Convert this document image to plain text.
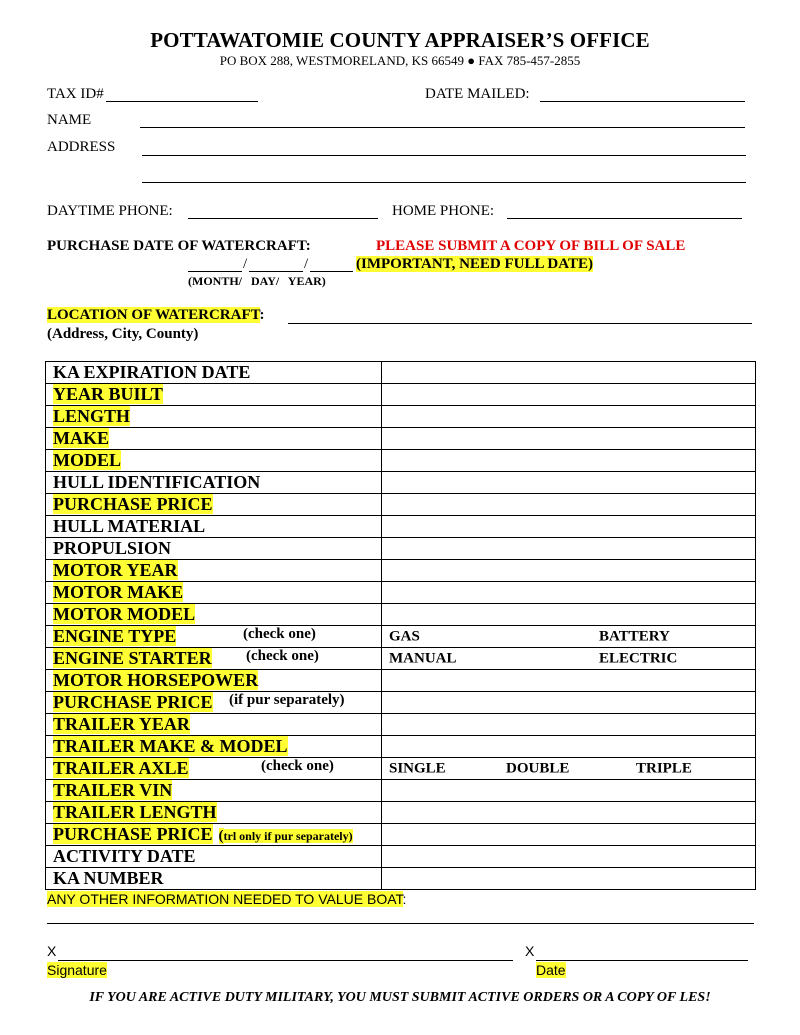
POTTAWATOMIE COUNTY APPRAISER’S OFFICE
PO BOX 288, WESTMORELAND, KS 66549 ● FAX 785-457-2855
TAX ID#	DATE MAILED:
NAME
ADDRESS
DAYTIME PHONE:	HOME PHONE:
PURCHASE DATE OF WATERCRAFT:	PLEASE SUBMIT A COPY OF BILL OF SALE
/	/	(IMPORTANT, NEED FULL DATE)
(MONTH/   DAY/   YEAR)
LOCATION OF WATERCRAFT:
(Address, City, County)
KA EXPIRATION DATE	
YEAR BUILT	
LENGTH	
MAKE	
MODEL	
HULL IDENTIFICATION	
PURCHASE PRICE	
HULL MATERIAL	
PROPULSION	
MOTOR YEAR	
MOTOR MAKE	
MOTOR MODEL	
ENGINE TYPE (check one)	GAS BATTERY

ENGINE STARTER (check one)	MANUAL ELECTRIC

MOTOR HORSEPOWER	
PURCHASE PRICE (if pur separately)	

TRAILER YEAR	
TRAILER MAKE & MODEL	
TRAILER AXLE (check one)	SINGLE DOUBLE TRIPLE

TRAILER VIN	
TRAILER LENGTH	
PURCHASE PRICE (trl only if pur separately)	
ACTIVITY DATE	
KA NUMBER	
ANY OTHER INFORMATION NEEDED TO VALUE BOAT:
X
Signature
X
Date
IF YOU ARE ACTIVE DUTY MILITARY, YOU MUST SUBMIT ACTIVE ORDERS OR A COPY OF LES!
